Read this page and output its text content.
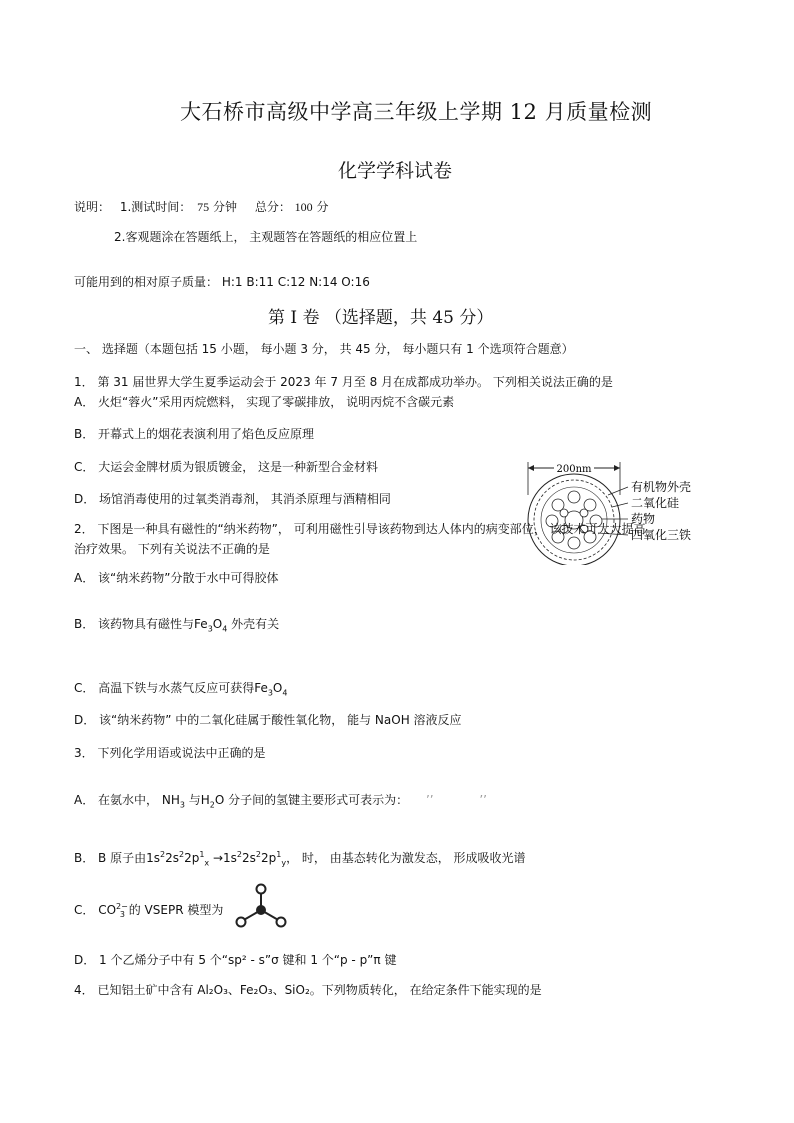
大石桥市高级中学高三年级上学期 12 月质量检测
化学学科试卷
说明： 1.测试时间： 75 分钟 总分： 100 分
2.客观题涂在答题纸上， 主观题答在答题纸的相应位置上
可能用到的相对原子质量： H:1 B:11 C:12 N:14 O:16
第 I 卷 （选择题，共 45 分）
一、 选择题（本题包括 15 小题， 每小题 3 分， 共 45 分， 每小题只有 1 个选项符合题意）
1． 第 31 届世界大学生夏季运动会于 2023 年 7 月至 8 月在成都成功举办。 下列相关说法正确的是
A． 火炬“蓉火”采用丙烷燃料， 实现了零碳排放， 说明丙烷不含碳元素
B． 开幕式上的烟花表演利用了焰色反应原理
C． 大运会金牌材质为银质镀金， 这是一种新型合金材料
D． 场馆消毒使用的过氧类消毒剂， 其消杀原理与酒精相同
200nm
有机物外壳
二氧化硅
药物
四氧化三铁
2． 下图是一种具有磁性的“纳米药物”， 可利用磁性引导该药物到达人体内的病变部位， 该技术可大大提高
治疗效果。 下列有关说法不正确的是
A． 该“纳米药物”分散于水中可得胶体
B． 该药物具有磁性与$Fe_3O_4$ 外壳有关
C． 高温下铁与水蒸气反应可获得$Fe_3O_4$
D． 该“纳米药物” 中的二氧化硅属于酸性氧化物， 能与 NaOH 溶液反应
3． 下列化学用语或说法中正确的是
A． 在氨水中， $NH_3$ 与$H_2O$ 分子间的氢键主要形式可表示为： ’’            ’’
B． B 原子由$1s^22s^22p^1_x \to 1s^22s^22p^1_y$， 时， 由基态转化为激发态， 形成吸收光谱
C． $CO^{2-}_3$ 的 VSEPR 模型为
D． 1 个乙烯分子中有 5 个“sp² - s”σ 键和 1 个“p - p”π 键
4． 已知铝土矿中含有 Al₂O₃、Fe₂O₃、SiO₂。下列物质转化， 在给定条件下能实现的是
